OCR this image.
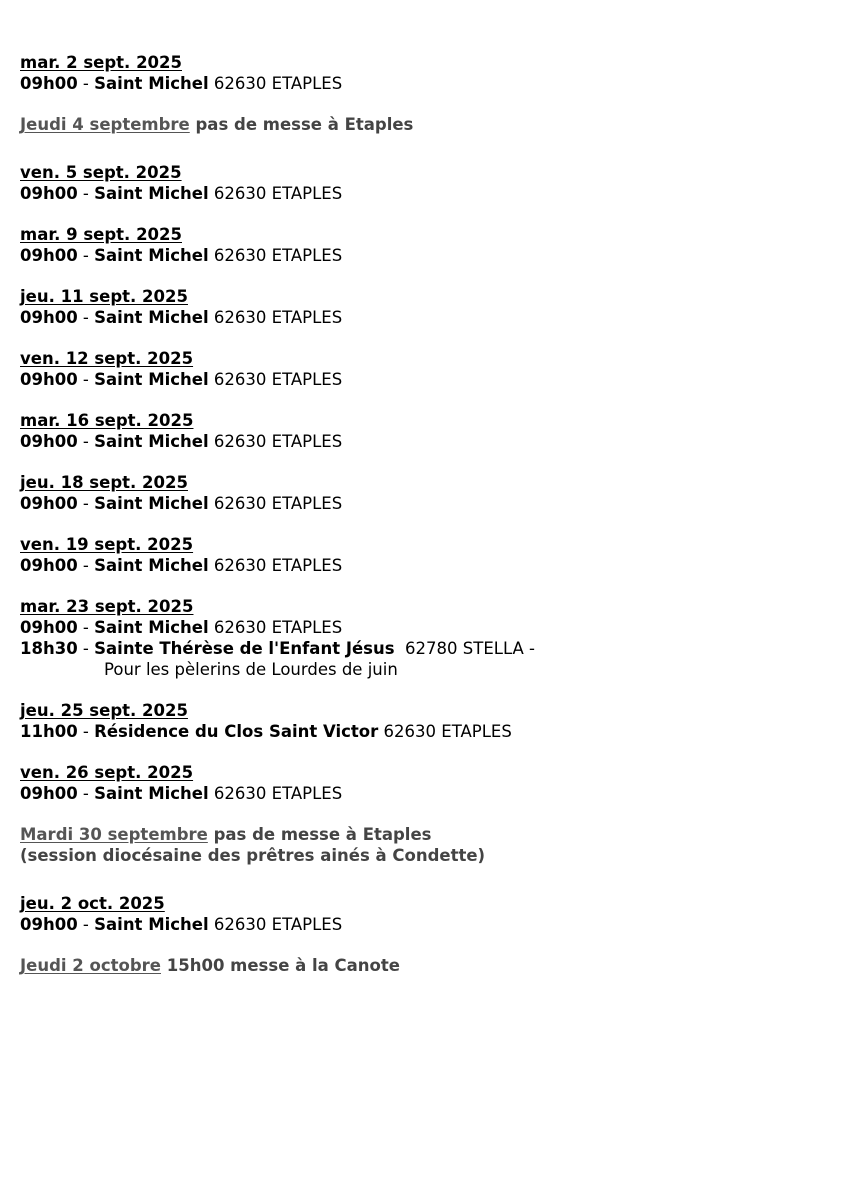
mar. 2 sept. 2025
09h00 - Saint Michel 62630 ETAPLES
Jeudi 4 septembre pas de messe à Etaples
ven. 5 sept. 2025
09h00 - Saint Michel 62630 ETAPLES
mar. 9 sept. 2025
09h00 - Saint Michel 62630 ETAPLES
jeu. 11 sept. 2025
09h00 - Saint Michel 62630 ETAPLES
ven. 12 sept. 2025
09h00 - Saint Michel 62630 ETAPLES
mar. 16 sept. 2025
09h00 - Saint Michel 62630 ETAPLES
jeu. 18 sept. 2025
09h00 - Saint Michel 62630 ETAPLES
ven. 19 sept. 2025
09h00 - Saint Michel 62630 ETAPLES
mar. 23 sept. 2025
09h00 - Saint Michel 62630 ETAPLES
18h30 - Sainte Thérèse de l'Enfant Jésus 62780 STELLA -
Pour les pèlerins de Lourdes de juin
jeu. 25 sept. 2025
11h00 - Résidence du Clos Saint Victor 62630 ETAPLES
ven. 26 sept. 2025
09h00 - Saint Michel 62630 ETAPLES
Mardi 30 septembre pas de messe à Etaples
(session diocésaine des prêtres ainés à Condette)
jeu. 2 oct. 2025
09h00 - Saint Michel 62630 ETAPLES
Jeudi 2 octobre 15h00 messe à la Canote
